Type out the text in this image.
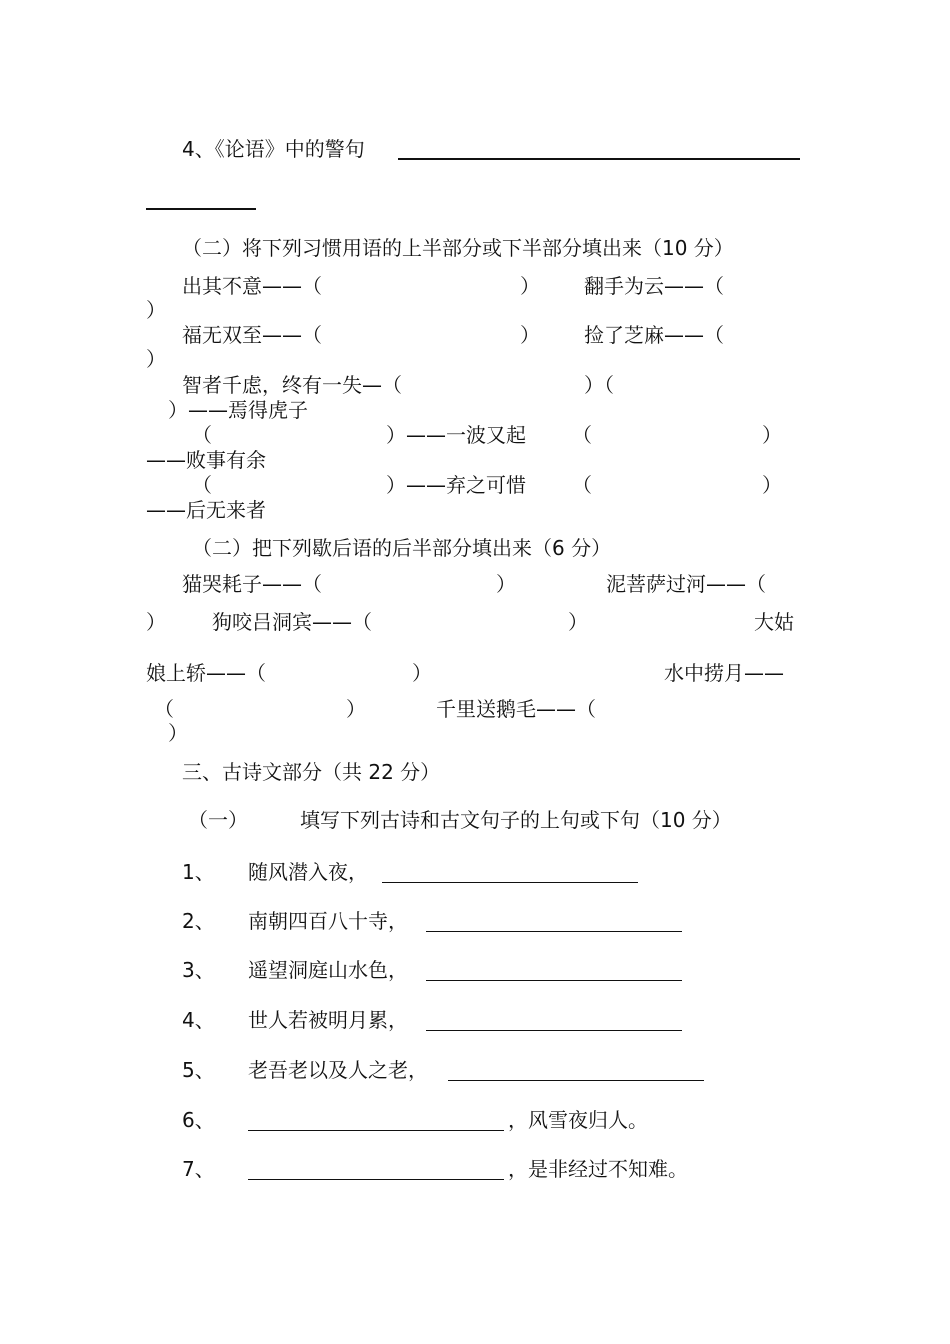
4、《论语》中的警句
（二）将下列习惯用语的上半部分或下半部分填出来（10 分）
出其不意——（	） 翻手为云——（
）
福无双至——（	） 捡了芝麻——（
）
智者千虑，终有一失—（	）（
）——焉得虎子
（	）——一波又起 （	）
——败事有余
（	）——弃之可惜 （	）
——后无来者
（二）把下列歇后语的后半部分填出来（6 分）
猫哭耗子——（	）	泥菩萨过河——（
） 狗咬吕洞宾——（	）	大姑
娘上轿——（	）	水中捞月——
（	）	千里送鹅毛——（
）
三、古诗文部分（共 22 分）
（一）	填写下列古诗和古文句子的上句或下句（10 分）
1、 随风潜入夜，
2、 南朝四百八十寺，
3、 遥望洞庭山水色，
4、 世人若被明月累，
5、 老吾老以及人之老，
6、	，风雪夜归人。
7、	，是非经过不知难。
